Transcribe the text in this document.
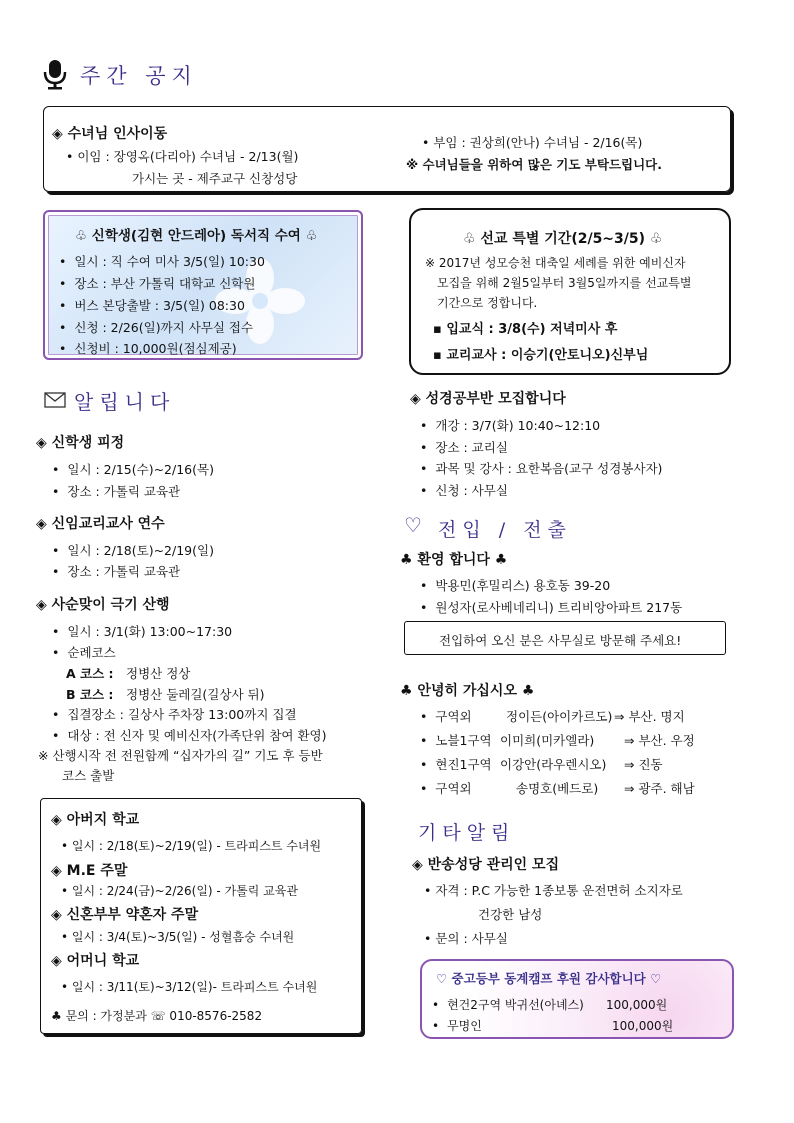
주간 공지
◈ 수녀님 인사이동
• 이임 : 장영옥(다리아) 수녀님 - 2/13(월)
가시는 곳 - 제주교구 신창성당
• 부임 : 권상희(안나) 수녀님 - 2/16(목)
※ 수녀님들을 위하여 많은 기도 부탁드립니다.
♧ 신학생(김현 안드레아) 독서직 수여 ♧
• 일시 : 직 수여 미사 3/5(일) 10:30
• 장소 : 부산 가톨릭 대학교 신학원
• 버스 본당출발 : 3/5(일) 08:30
• 신청 : 2/26(일)까지 사무실 접수
• 신청비 : 10,000원(점심제공)
♧ 선교 특별 기간(2/5~3/5) ♧
※ 2017년 성모승천 대축일 세례를 위한 예비신자
모집을 위해 2월5일부터 3월5일까지를 선교특별
기간으로 정합니다.
▪ 입교식 : 3/8(수) 저녁미사 후
▪ 교리교사 : 이승기(안토니오)신부님
알립니다
◈ 신학생 피정
• 일시 : 2/15(수)~2/16(목)
• 장소 : 가톨릭 교육관
◈ 신임교리교사 연수
• 일시 : 2/18(토)~2/19(일)
• 장소 : 가톨릭 교육관
◈ 사순맞이 극기 산행
• 일시 : 3/1(화) 13:00~17:30
• 순례코스
A 코스 : 정병산 정상
B 코스 : 정병산 둘레길(길상사 뒤)
• 집결장소 : 길상사 주차장 13:00까지 집결
• 대상 : 전 신자 및 예비신자(가족단위 참여 환영)
※ 산행시작 전 전원함께 “십자가의 길” 기도 후 등반
코스 출발
◈ 성경공부반 모집합니다
• 개강 : 3/7(화) 10:40~12:10
• 장소 : 교리실
• 과목 및 강사 : 요한복음(교구 성경봉사자)
• 신청 : 사무실
♡ 전입 / 전출
♣ 환영 합니다 ♣
• 박용민(후밀리스) 용호동 39-20
• 원성자(로사베네리니) 트리비앙아파트 217동
전입하여 오신 분은 사무실로 방문해 주세요!
♣ 안녕히 가십시오 ♣
• 구역외	정이든(아이카르도) ⇒ 부산. 명지
• 노블1구역 이미희(미카엘라) ⇒ 부산. 우정
• 현진1구역 이강안(라우렌시오) ⇒ 진동
• 구역외	송명호(베드로) ⇒ 광주. 해남
◈ 아버지 학교
• 일시 : 2/18(토)~2/19(일) - 트라피스트 수녀원
◈ M.E 주말
• 일시 : 2/24(금)~2/26(일) - 가톨릭 교육관
◈ 신혼부부 약혼자 주말
• 일시 : 3/4(토)~3/5(일) - 성혈흠숭 수녀원
◈ 어머니 학교
• 일시 : 3/11(토)~3/12(일)- 트라피스트 수녀원
♣ 문의 : 가정분과 ☏ 010-8576-2582
기타알림
◈ 반송성당 관리인 모집
• 자격 : P.C 가능한 1종보통 운전면허 소지자로
건강한 남성
• 문의 : 사무실
♡ 중고등부 동계캠프 후원 감사합니다 ♡
• 현건2구역 박귀선(아녜스) 100,000원
• 무명인	100,000원
